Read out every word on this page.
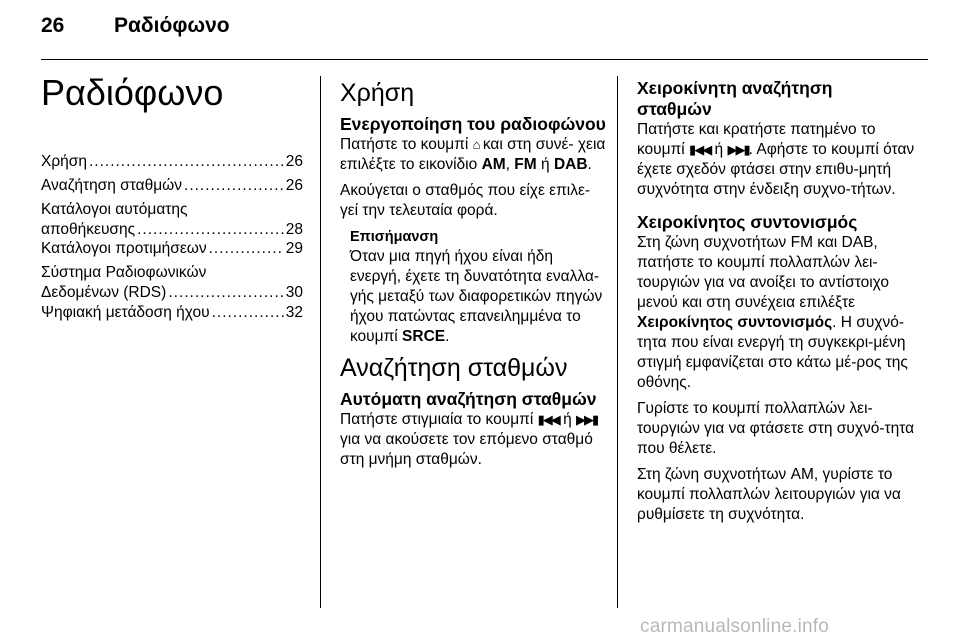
26 Ραδιόφωνο
Ραδιόφωνο
Χρήση .....	26
Αναζήτηση σταθμών .....	26
Κατάλογοι αυτόματης
αποθήκευσης .....	28
Κατάλογοι προτιμήσεων .....	29
Σύστημα Ραδιοφωνικών
Δεδομένων (RDS) .....	30
Ψηφιακή μετάδοση ήχου .....	32
Χρήση
Ενεργοποίηση του ραδιοφώνου

Πατήστε το κουμπί ⌂ και στη συνέ- χεια επιλέξτε το εικονίδιο AM, FM ή DAB.

Ακούγεται ο σταθμός που είχε επιλε-γεί την τελευταία φορά.

Επισήμανση

Όταν μια πηγή ήχου είναι ήδη ενεργή, έχετε τη δυνατότητα εναλλα-γής μεταξύ των διαφορετικών πηγών ήχου πατώντας επανειλημμένα το κουμπί SRCE.

Αναζήτηση σταθμών
Αυτόματη αναζήτηση σταθμών

Πατήστε στιγμιαία το κουμπί ▮◀◀ ή ▶▶▮ για να ακούσετε τον επόμενο σταθμό στη μνήμη σταθμών.

Χειροκίνητη αναζήτηση σταθμών

Πατήστε και κρατήστε πατημένο το κουμπί ▮◀◀ ή ▶▶▮. Αφήστε το κουμπί όταν έχετε σχεδόν φτάσει στην επιθυ-μητή συχνότητα στην ένδειξη συχνο-τήτων.

Χειροκίνητος συντονισμός

Στη ζώνη συχνοτήτων FM και DAB, πατήστε το κουμπί πολλαπλών λει-τουργιών για να ανοίξει το αντίστοιχο μενού και στη συνέχεια επιλέξτε Χειροκίνητος συντονισμός. Η συχνό-τητα που είναι ενεργή τη συγκεκρι-μένη στιγμή εμφανίζεται στο κάτω μέ-ρος της οθόνης.

Γυρίστε το κουμπί πολλαπλών λει-τουργιών για να φτάσετε στη συχνό-τητα που θέλετε.

Στη ζώνη συχνοτήτων AM, γυρίστε το κουμπί πολλαπλών λειτουργιών για να ρυθμίσετε τη συχνότητα.

carmanualsonline.info
